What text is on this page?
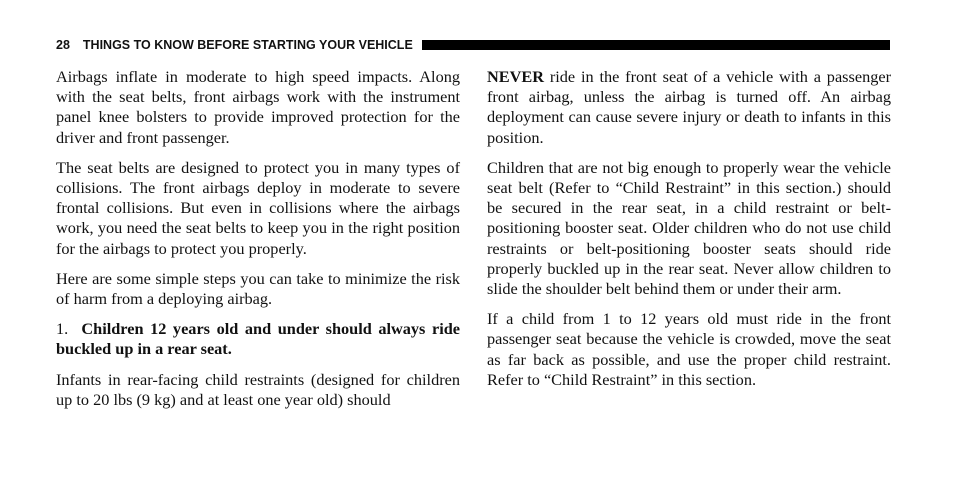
28 THINGS TO KNOW BEFORE STARTING YOUR VEHICLE

Airbags inflate in moderate to high speed impacts. Along with the seat belts, front airbags work with the instrument panel knee bolsters to provide improved protection for the driver and front passenger.

The seat belts are designed to protect you in many types of collisions. The front airbags deploy in moderate to severe frontal collisions. But even in collisions where the airbags work, you need the seat belts to keep you in the right position for the airbags to protect you properly.

Here are some simple steps you can take to minimize the risk of harm from a deploying airbag.

1. Children 12 years old and under should always ride buckled up in a rear seat.

Infants in rear-facing child restraints (designed for children up to 20 lbs (9 kg) and at least one year old) should

NEVER ride in the front seat of a vehicle with a passenger front airbag, unless the airbag is turned off. An airbag deployment can cause severe injury or death to infants in this position.

Children that are not big enough to properly wear the vehicle seat belt (Refer to “Child Restraint” in this section.) should be secured in the rear seat, in a child restraint or belt-positioning booster seat. Older children who do not use child restraints or belt-positioning booster seats should ride properly buckled up in the rear seat. Never allow children to slide the shoulder belt behind them or under their arm.

If a child from 1 to 12 years old must ride in the front passenger seat because the vehicle is crowded, move the seat as far back as possible, and use the proper child restraint. Refer to “Child Restraint” in this section.
